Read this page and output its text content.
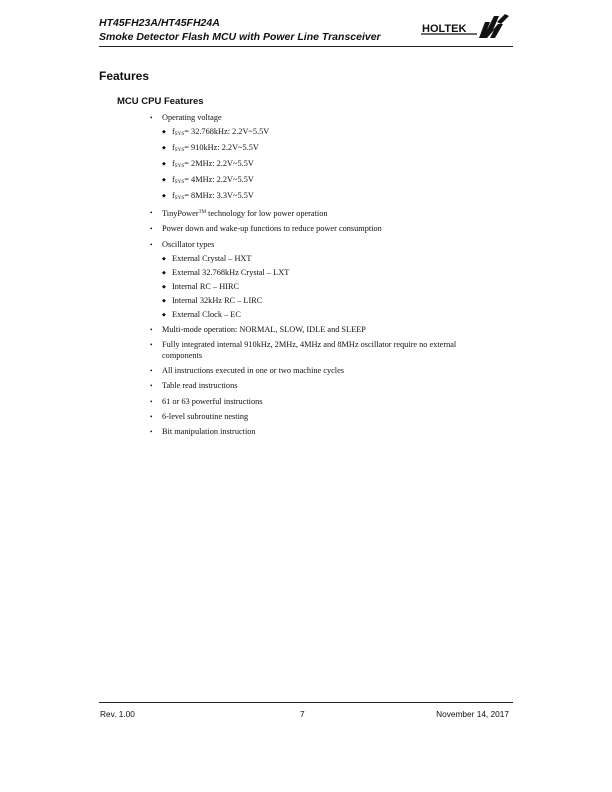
HT45FH23A/HT45FH24A
Smoke Detector Flash MCU with Power Line Transceiver
HOLTEK
Features
MCU CPU Features
• Operating voltage
◆ fSYS= 32.768kHz: 2.2V~5.5V
◆ fSYS= 910kHz: 2.2V~5.5V
◆ fSYS= 2MHz: 2.2V~5.5V
◆ fSYS= 4MHz: 2.2V~5.5V
◆ fSYS= 8MHz: 3.3V~5.5V
• TinyPower™ technology for low power operation
• Power down and wake-up functions to reduce power consumption
• Oscillator types
◆ External Crystal – HXT
◆ External 32.768kHz Crystal – LXT
◆ Internal RC – HIRC
◆ Internal 32kHz RC – LIRC
◆ External Clock – EC
• Multi-mode operation: NORMAL, SLOW, IDLE and SLEEP
• Fully integrated internal 910kHz, 2MHz, 4MHz and 8MHz oscillator require no external components
• All instructions executed in one or two machine cycles
• Table read instructions
• 61 or 63 powerful instructions
• 6-level subroutine nesting
• Bit manipulation instruction
Rev. 1.00	7	November 14, 2017
